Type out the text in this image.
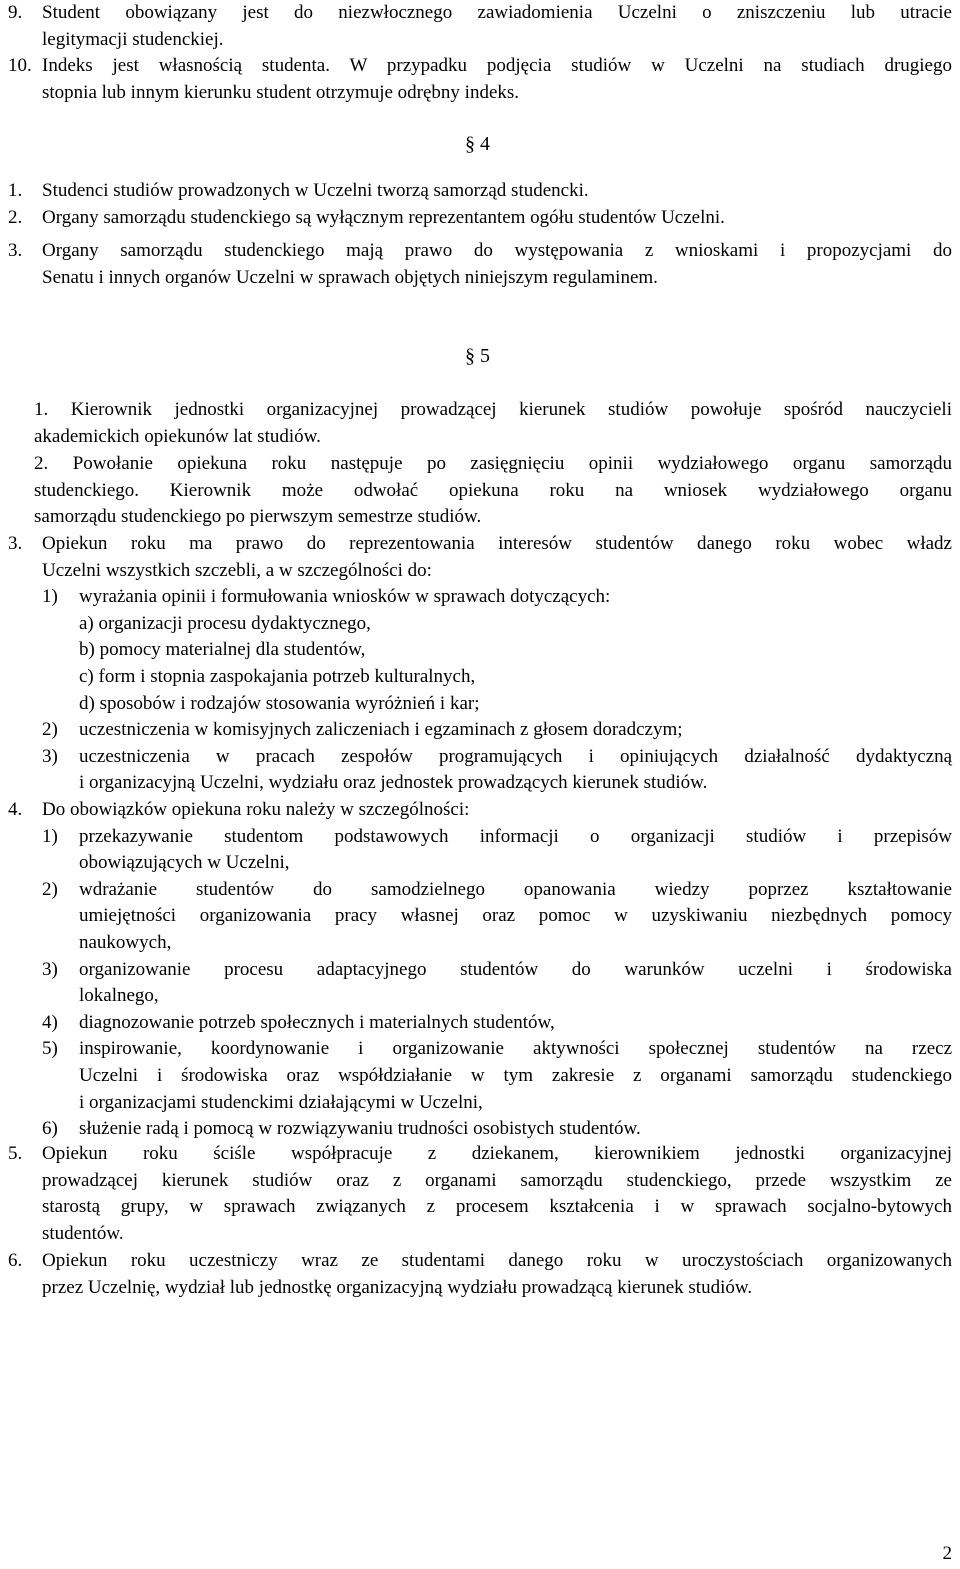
9. Student obowiązany jest do niezwłocznego zawiadomienia Uczelni o zniszczeniu lub utracie
legitymacji studenckiej.
10. Indeks jest własnością studenta. W przypadku podjęcia studiów w Uczelni na studiach drugiego
stopnia lub innym kierunku student otrzymuje odrębny indeks.
§ 4
1. Studenci studiów prowadzonych w Uczelni tworzą samorząd studencki.
2. Organy samorządu studenckiego są wyłącznym reprezentantem ogółu studentów Uczelni.
3. Organy samorządu studenckiego mają prawo do występowania z wnioskami i propozycjami do
Senatu i innych organów Uczelni w sprawach objętych niniejszym regulaminem.
§ 5
1. Kierownik jednostki organizacyjnej prowadzącej kierunek studiów powołuje spośród nauczycieli
akademickich opiekunów lat studiów.
2. Powołanie opiekuna roku następuje po zasięgnięciu opinii wydziałowego organu samorządu
studenckiego. Kierownik może odwołać opiekuna roku na wniosek wydziałowego organu
samorządu studenckiego po pierwszym semestrze studiów.
3. Opiekun roku ma prawo do reprezentowania interesów studentów danego roku wobec władz
Uczelni wszystkich szczebli, a w szczególności do:
1) wyrażania opinii i formułowania wniosków w sprawach dotyczących:
a) organizacji procesu dydaktycznego,
b) pomocy materialnej dla studentów,
c) form i stopnia zaspokajania potrzeb kulturalnych,
d) sposobów i rodzajów stosowania wyróżnień i kar;
2) uczestniczenia w komisyjnych zaliczeniach i egzaminach z głosem doradczym;
3) uczestniczenia w pracach zespołów programujących i opiniujących działalność dydaktyczną
i organizacyjną Uczelni, wydziału oraz jednostek prowadzących kierunek studiów.
4. Do obowiązków opiekuna roku należy w szczególności:
1) przekazywanie studentom podstawowych informacji o organizacji studiów i przepisów
obowiązujących w Uczelni,
2) wdrażanie studentów do samodzielnego opanowania wiedzy poprzez kształtowanie
umiejętności organizowania pracy własnej oraz pomoc w uzyskiwaniu niezbędnych pomocy
naukowych,
3) organizowanie procesu adaptacyjnego studentów do warunków uczelni i środowiska
lokalnego,
4) diagnozowanie potrzeb społecznych i materialnych studentów,
5) inspirowanie, koordynowanie i organizowanie aktywności społecznej studentów na rzecz
Uczelni i środowiska oraz współdziałanie w tym zakresie z organami samorządu studenckiego
i organizacjami studenckimi działającymi w Uczelni,
6) służenie radą i pomocą w rozwiązywaniu trudności osobistych studentów.
5. Opiekun roku ściśle współpracuje z dziekanem, kierownikiem jednostki organizacyjnej
prowadzącej kierunek studiów oraz z organami samorządu studenckiego, przede wszystkim ze
starostą grupy, w sprawach związanych z procesem kształcenia i w sprawach socjalno-bytowych
studentów.
6. Opiekun roku uczestniczy wraz ze studentami danego roku w uroczystościach organizowanych
przez Uczelnię, wydział lub jednostkę organizacyjną wydziału prowadzącą kierunek studiów.
2
